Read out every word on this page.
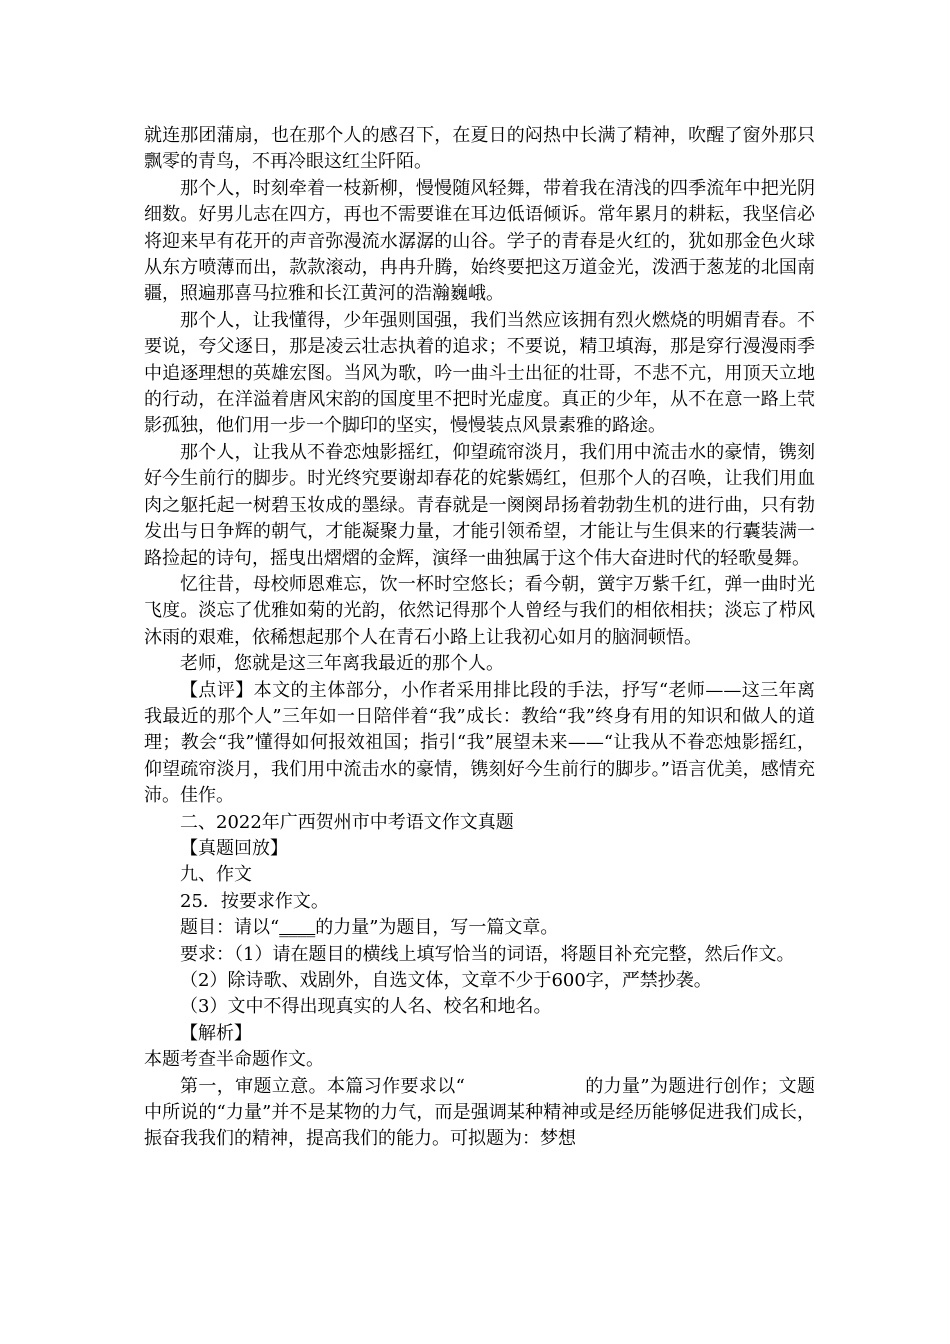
就连那团蒲扇，也在那个人的感召下，在夏日的闷热中长满了精神，吹醒了窗外那只飘零的青鸟，不再冷眼这红尘阡陌。

那个人，时刻牵着一枝新柳，慢慢随风轻舞，带着我在清浅的四季流年中把光阴细数。好男儿志在四方，再也不需要谁在耳边低语倾诉。常年累月的耕耘，我坚信必将迎来早有花开的声音弥漫流水潺潺的山谷。学子的青春是火红的，犹如那金色火球从东方喷薄而出，款款滚动，冉冉升腾，始终要把这万道金光，泼洒于葱茏的北国南疆，照遍那喜马拉雅和长江黄河的浩瀚巍峨。

那个人，让我懂得，少年强则国强，我们当然应该拥有烈火燃烧的明媚青春。不要说，夸父逐日，那是凌云壮志执着的追求；不要说，精卫填海，那是穿行漫漫雨季中追逐理想的英雄宏图。当风为歌，吟一曲斗士出征的壮哥，不悲不亢，用顶天立地的行动，在洋溢着唐风宋韵的国度里不把时光虚度。真正的少年，从不在意一路上茕影孤独，他们用一步一个脚印的坚实，慢慢装点风景素雅的路途。

那个人，让我从不眷恋烛影摇红，仰望疏帘淡月，我们用中流击水的豪情，镌刻好今生前行的脚步。时光终究要谢却春花的姹紫嫣红，但那个人的召唤，让我们用血肉之躯托起一树碧玉妆成的墨绿。青春就是一阕阕昂扬着勃勃生机的进行曲，只有勃发出与日争辉的朝气，才能凝聚力量，才能引领希望，才能让与生俱来的行囊装满一路捡起的诗句，摇曳出熠熠的金辉，演绎一曲独属于这个伟大奋进时代的轻歌曼舞。

忆往昔，母校师恩难忘，饮一杯时空悠长；看今朝，黉宇万紫千红，弹一曲时光飞度。淡忘了优雅如菊的光韵，依然记得那个人曾经与我们的相依相扶；淡忘了栉风沐雨的艰难，依稀想起那个人在青石小路上让我初心如月的脑洞顿悟。

老师，您就是这三年离我最近的那个人。

【点评】本文的主体部分，小作者采用排比段的手法，抒写“老师——这三年离我最近的那个人”三年如一日陪伴着“我”成长：教给“我”终身有用的知识和做人的道理；教会“我”懂得如何报效祖国；指引“我”展望未来——“让我从不眷恋烛影摇红，仰望疏帘淡月，我们用中流击水的豪情，镌刻好今生前行的脚步。”语言优美，感情充沛。佳作。

二、2022年广西贺州市中考语文作文真题

【真题回放】

九、作文

25．按要求作文。

题目：请以“____的力量”为题目，写一篇文章。

要求：（1）请在题目的横线上填写恰当的词语，将题目补充完整，然后作文。

（2）除诗歌、戏剧外，自选文体，文章不少于600字，严禁抄袭。

（3）文中不得出现真实的人名、校名和地名。

【解析】

本题考查半命题作文。

第一，审题立意。本篇习作要求以“	的力量”为题进行创作；文题中所说的“力量”并不是某物的力气，而是强调某种精神或是经历能够促进我们成长，振奋我我们的精神，提高我们的能力。可拟题为：梦想
